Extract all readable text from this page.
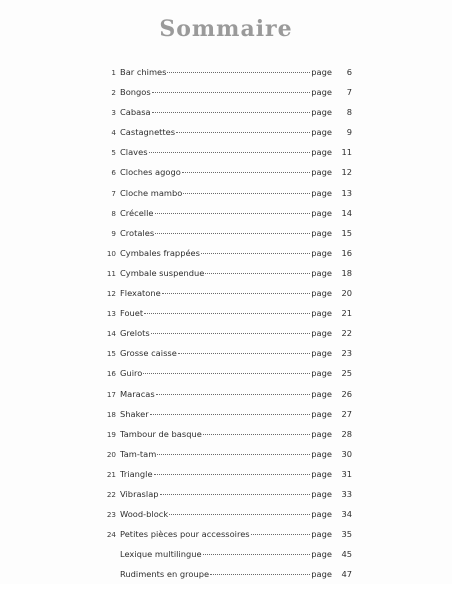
Sommaire
1 Bar chimes	page	6
2 Bongos	page	7
3 Cabasa	page	8
4 Castagnettes	page	9
5 Claves	page	11
6 Cloches agogo	page	12
7 Cloche mambo	page	13
8 Crécelle	page	14
9 Crotales	page	15
10 Cymbales frappées	page	16
11 Cymbale suspendue	page	18
12 Flexatone	page	20
13 Fouet	page	21
14 Grelots	page	22
15 Grosse caisse	page	23
16 Guiro	page	25
17 Maracas	page	26
18 Shaker	page	27
19 Tambour de basque	page	28
20 Tam-tam	page	30
21 Triangle	page	31
22 Vibraslap	page	33
23 Wood-block	page	34
24 Petites pièces pour accessoires	page	35
Lexique multilingue	page	45
Rudiments en groupe	page	47
